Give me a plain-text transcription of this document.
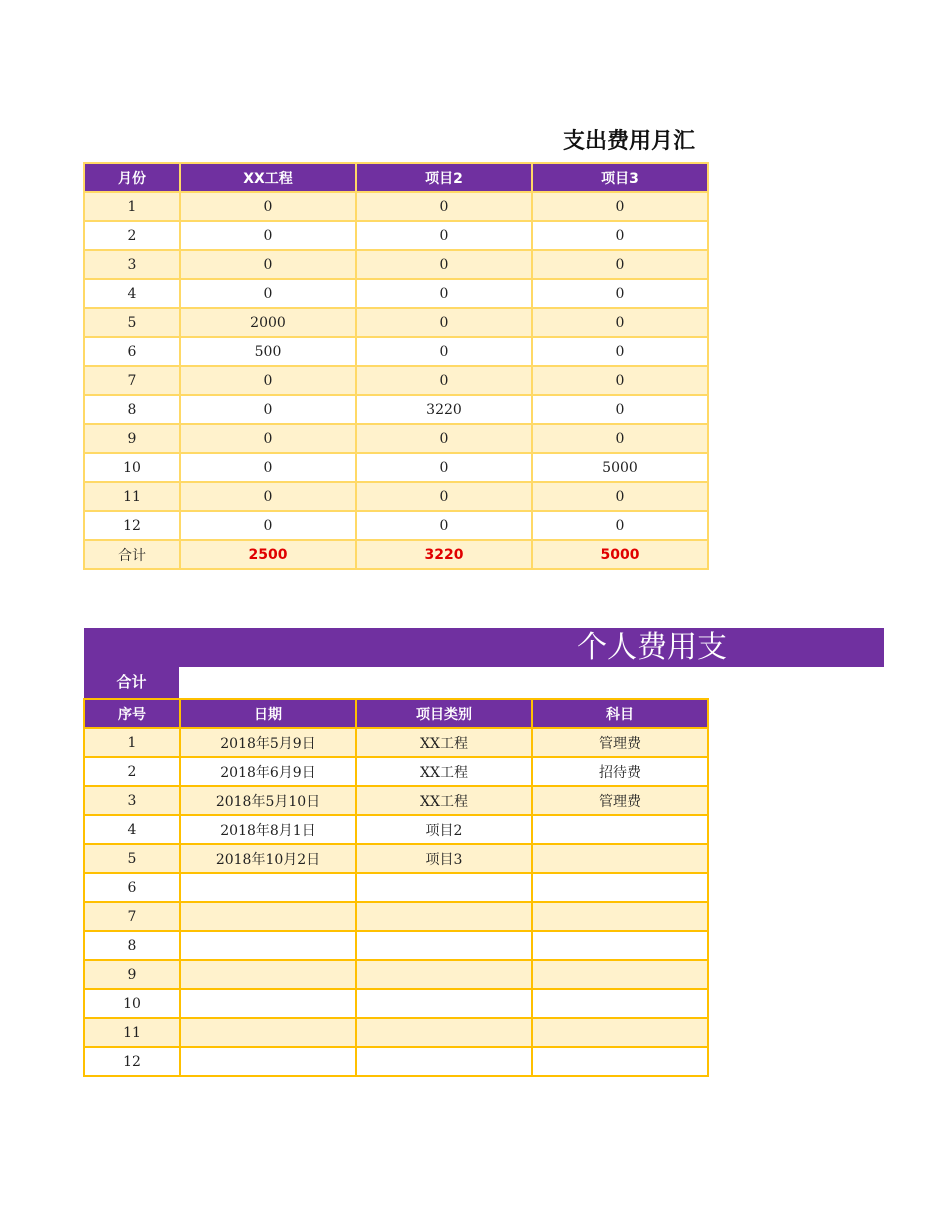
支出费用月汇
月份	XX工程	项目2	项目3
1	0	0	0
2	0	0	0
3	0	0	0
4	0	0	0
5	2000	0	0
6	500	0	0
7	0	0	0
8	0	3220	0
9	0	0	0
10	0	0	5000
11	0	0	0
12	0	0	0
合计	2500	3220	5000
个人费用支
合计
序号	日期	项目类别	科目
1	2018年5月9日	XX工程	管理费
2	2018年6月9日	XX工程	招待费
3	2018年5月10日	XX工程	管理费
4	2018年8月1日	项目2	
5	2018年10月2日	项目3	
6			
7			
8			
9			
10			
11			
12			
